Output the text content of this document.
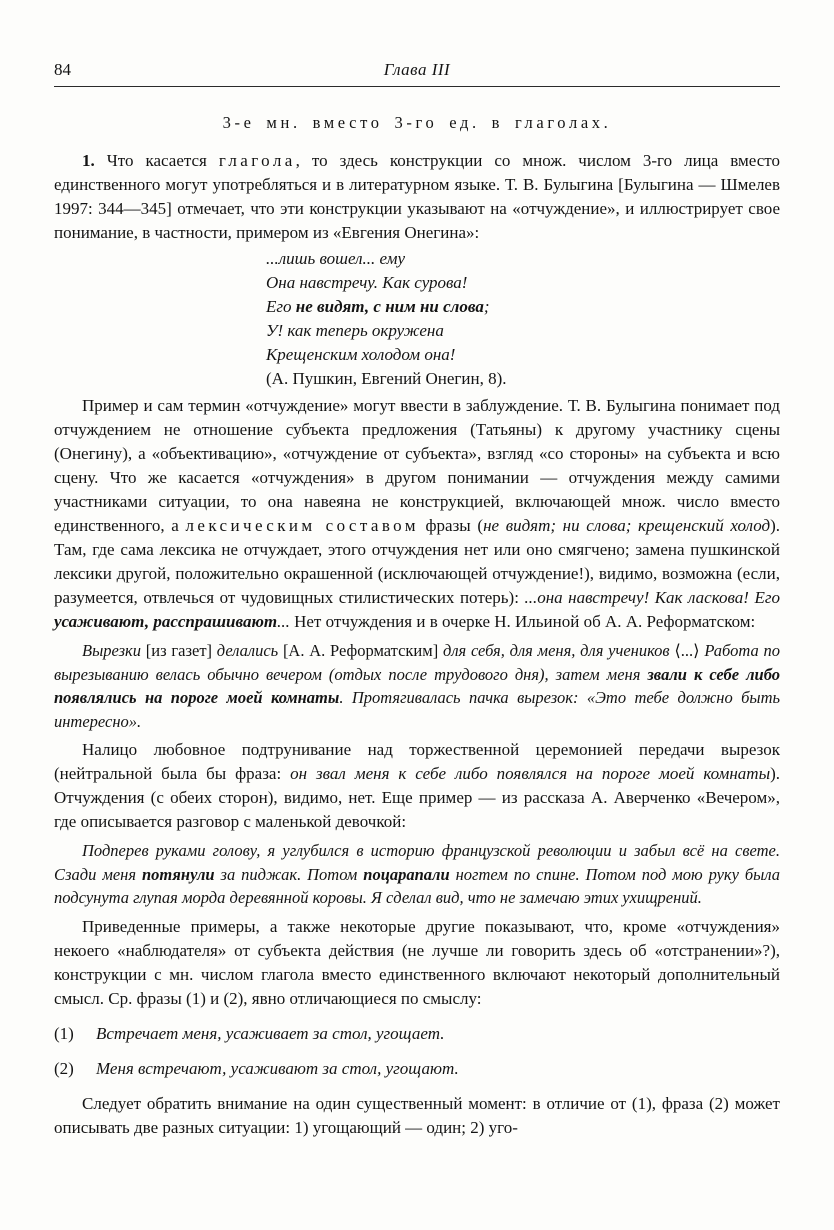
84	Глава III
3-е мн. вместо 3-го ед. в глаголах.

1. Что касается глагола, то здесь конструкции со множ. числом 3-го лица вместо единственного могут употребляться и в литературном языке. Т. В. Булыгина [Булыгина — Шмелев 1997: 344—345] отмечает, что эти конструкции указывают на «отчуждение», и иллюстрирует свое понимание, в частности, примером из «Евгения Онегина»:

...лишь вошел... ему
Она навстречу. Как сурова!
Его не видят, с ним ни слова;
У! как теперь окружена
Крещенским холодом она!
(А. Пушкин, Евгений Онегин, 8).

Пример и сам термин «отчуждение» могут ввести в заблуждение. Т. В. Булыгина понимает под отчуждением не отношение субъекта предложения (Татьяны) к другому участнику сцены (Онегину), а «объективацию», «отчуждение от субъекта», взгляд «со стороны» на субъекта и всю сцену. Что же касается «отчуждения» в другом понимании — отчуждения между самими участниками ситуации, то она навеяна не конструкцией, включающей множ. число вместо единственного, а лексическим составом фразы (не видят; ни слова; крещенский холод). Там, где сама лексика не отчуждает, этого отчуждения нет или оно смягчено; замена пушкинской лексики другой, положительно окрашенной (исключающей отчуждение!), видимо, возможна (если, разумеется, отвлечься от чудовищных стилистических потерь): ...она навстречу! Как ласкова! Его усаживают, расспрашивают... Нет отчуждения и в очерке Н. Ильиной об А. А. Реформатском:

Вырезки [из газет] делались [А. А. Реформатским] для себя, для меня, для учеников ⟨...⟩ Работа по вырезыванию велась обычно вечером (отдых после трудового дня), затем меня звали к себе либо появлялись на пороге моей комнаты. Протягивалась пачка вырезок: «Это тебе должно быть интересно».

Налицо любовное подтрунивание над торжественной церемонией передачи вырезок (нейтральной была бы фраза: он звал меня к себе либо появлялся на пороге моей комнаты). Отчуждения (с обеих сторон), видимо, нет. Еще пример — из рассказа А. Аверченко «Вечером», где описывается разговор с маленькой девочкой:

Подперев руками голову, я углубился в историю французской революции и забыл всё на свете. Сзади меня потянули за пиджак. Потом поцарапали ногтем по спине. Потом под мою руку была подсунута глупая морда деревянной коровы. Я сделал вид, что не замечаю этих ухищрений.

Приведенные примеры, а также некоторые другие показывают, что, кроме «отчуждения» некоего «наблюдателя» от субъекта действия (не лучше ли говорить здесь об «отстранении»?), конструкции с мн. числом глагола вместо единственного включают некоторый дополнительный смысл. Ср. фразы (1) и (2), явно отличающиеся по смыслу:

(1)	Встречает меня, усаживает за стол, угощает.
(2)	Меня встречают, усаживают за стол, угощают.

Следует обратить внимание на один существенный момент: в отличие от (1), фраза (2) может описывать две разных ситуации: 1) угощающий — один; 2) уго-
